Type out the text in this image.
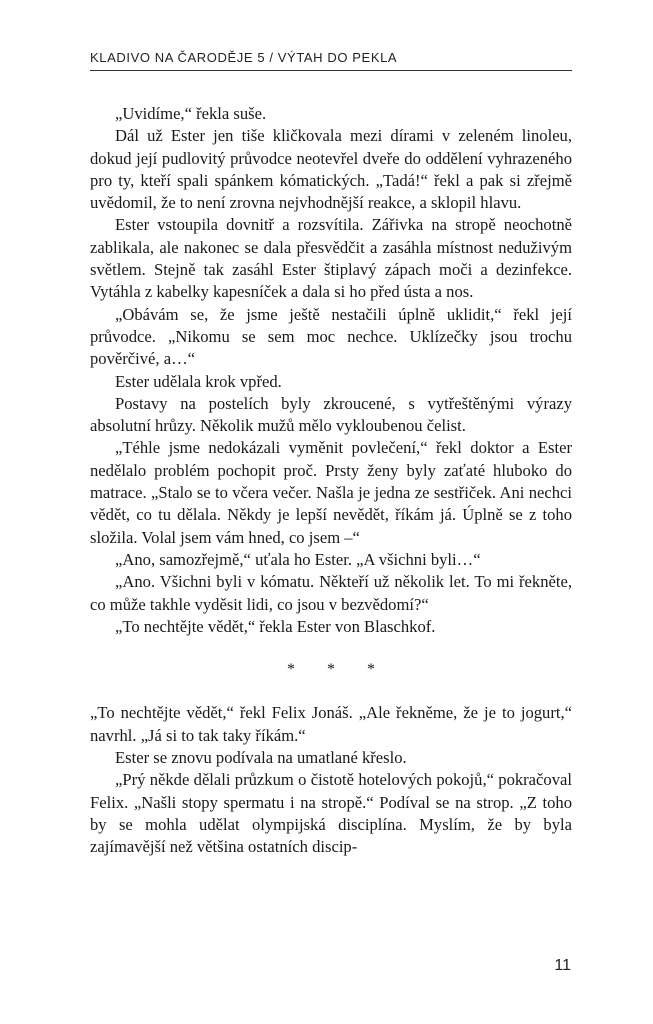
KLADIVO NA ČARODĚJE 5 / VÝTAH DO PEKLA

„Uvidíme,“ řekla suše.

Dál už Ester jen tiše kličkovala mezi dírami v zeleném linoleu, dokud její pudlovitý průvodce neotevřel dveře do oddělení vyhrazeného pro ty, kteří spali spánkem kómatických. „Tadá!“ řekl a pak si zřejmě uvědomil, že to není zrovna nejvhodnější reakce, a sklopil hlavu.

Ester vstoupila dovnitř a rozsvítila. Zářivka na stropě neochotně zablikala, ale nakonec se dala přesvědčit a zasáhla místnost neduživým světlem. Stejně tak zasáhl Ester štiplavý zápach moči a dezinfekce. Vytáhla z kabelky kapesníček a dala si ho před ústa a nos.

„Obávám se, že jsme ještě nestačili úplně uklidit,“ řekl její průvodce. „Nikomu se sem moc nechce. Uklízečky jsou trochu pověrčivé, a…“

Ester udělala krok vpřed.

Postavy na postelích byly zkroucené, s vytřeštěnými výrazy absolutní hrůzy. Několik mužů mělo vykloubenou čelist.

„Téhle jsme nedokázali vyměnit povlečení,“ řekl doktor a Ester nedělalo problém pochopit proč. Prsty ženy byly zaťaté hluboko do matrace. „Stalo se to včera večer. Našla je jedna ze sestřiček. Ani nechci vědět, co tu dělala. Někdy je lepší nevědět, říkám já. Úplně se z toho složila. Volal jsem vám hned, co jsem –“

„Ano, samozřejmě,“ uťala ho Ester. „A všichni byli…“

„Ano. Všichni byli v kómatu. Někteří už několik let. To mi řekněte, co může takhle vyděsit lidi, co jsou v bezvědomí?“

„To nechtějte vědět,“ řekla Ester von Blaschkof.

* * *

„To nechtějte vědět,“ řekl Felix Jonáš. „Ale řekněme, že je to jogurt,“ navrhl. „Já si to tak taky říkám.“

Ester se znovu podívala na umatlané křeslo.

„Prý někde dělali průzkum o čistotě hotelových pokojů,“ pokračoval Felix. „Našli stopy spermatu i na stropě.“ Podíval se na strop. „Z toho by se mohla udělat olympijská disciplína. Myslím, že by byla zajímavější než většina ostatních discip-

11
